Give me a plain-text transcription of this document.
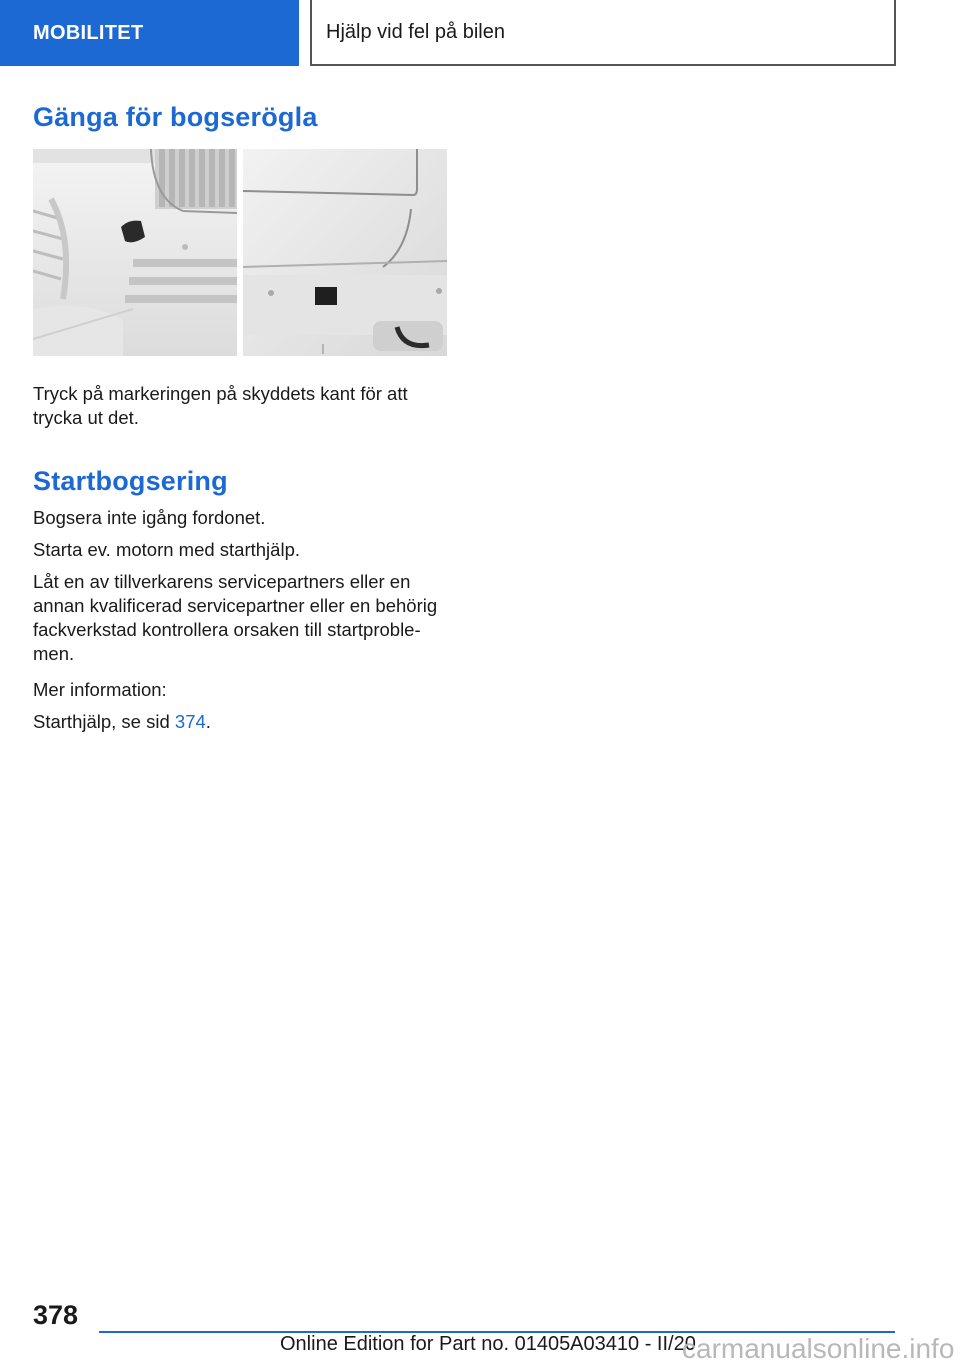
MOBILITET	Hjälp vid fel på bilen
Gänga för bogserögla

Tryck på markeringen på skyddets kant för att trycka ut det.

Startbogsering

Bogsera inte igång fordonet.

Starta ev. motorn med starthjälp.

Låt en av tillverkarens servicepartners eller en annan kvalificerad servicepartner eller en behörig fackverkstad kontrollera orsaken till startproble-men.

Mer information:

Starthjälp, se sid 374.

378
Online Edition for Part no. 01405A03410 - II/20
carmanualsonline.info
